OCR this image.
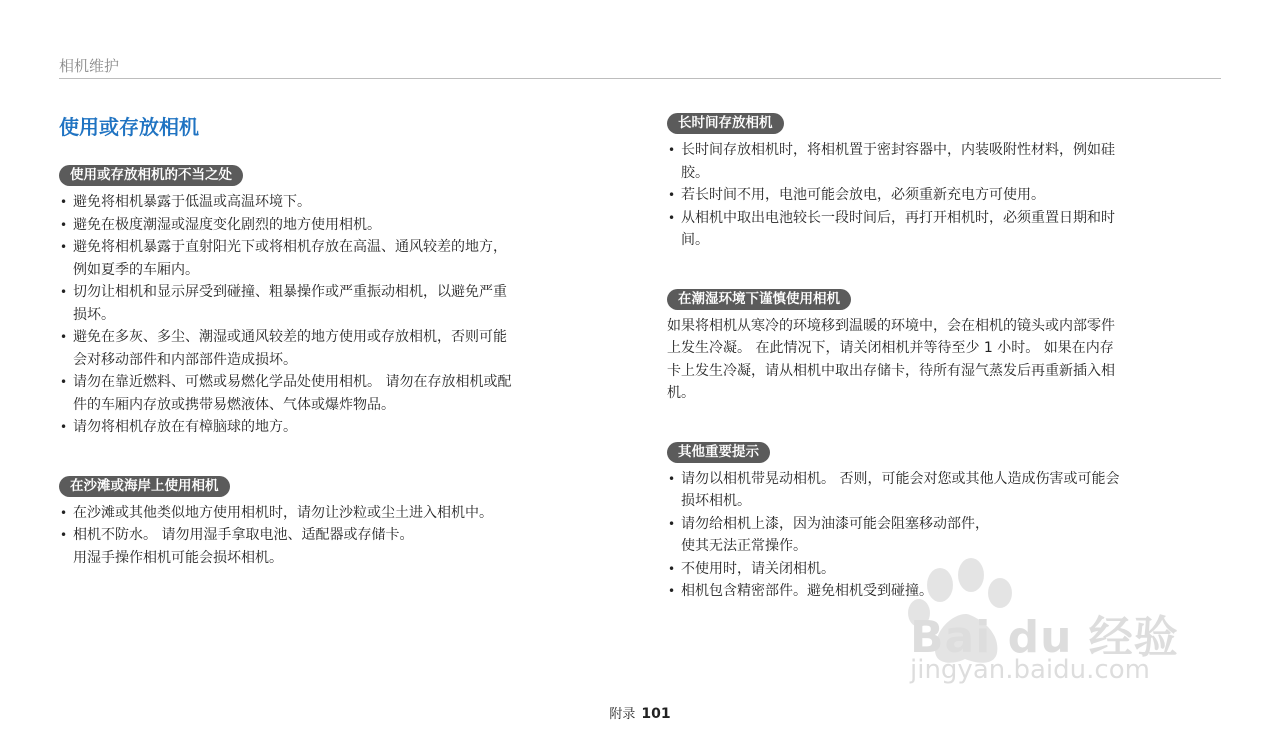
相机维护
使用或存放相机
使用或存放相机的不当之处
• 避免将相机暴露于低温或高温环境下。
• 避免在极度潮湿或湿度变化剧烈的地方使用相机。
• 避免将相机暴露于直射阳光下或将相机存放在高温、通风较差的地方，
例如夏季的车厢内。
• 切勿让相机和显示屏受到碰撞、粗暴操作或严重振动相机，以避免严重
损坏。
• 避免在多灰、多尘、潮湿或通风较差的地方使用或存放相机，否则可能
会对移动部件和内部部件造成损坏。
• 请勿在靠近燃料、可燃或易燃化学品处使用相机。 请勿在存放相机或配
件的车厢内存放或携带易燃液体、气体或爆炸物品。
• 请勿将相机存放在有樟脑球的地方。
在沙滩或海岸上使用相机
• 在沙滩或其他类似地方使用相机时，请勿让沙粒或尘土进入相机中。
• 相机不防水。 请勿用湿手拿取电池、适配器或存储卡。
用湿手操作相机可能会损坏相机。
长时间存放相机
• 长时间存放相机时，将相机置于密封容器中，内装吸附性材料，例如硅
胶。
• 若长时间不用，电池可能会放电，必须重新充电方可使用。
• 从相机中取出电池较长一段时间后，再打开相机时，必须重置日期和时
间。
在潮湿环境下谨慎使用相机

如果将相机从寒冷的环境移到温暖的环境中，会在相机的镜头或内部零件
上发生冷凝。 在此情况下，请关闭相机并等待至少 1 小时。 如果在内存
卡上发生冷凝，请从相机中取出存储卡，待所有湿气蒸发后再重新插入相
机。

其他重要提示
• 请勿以相机带晃动相机。 否则，可能会对您或其他人造成伤害或可能会
损坏相机。
• 请勿给相机上漆，因为油漆可能会阻塞移动部件，
使其无法正常操作。
• 不使用时，请关闭相机。
• 相机包含精密部件。避免相机受到碰撞。
附录 101
Bai du 经验
jingyan.baidu.com
